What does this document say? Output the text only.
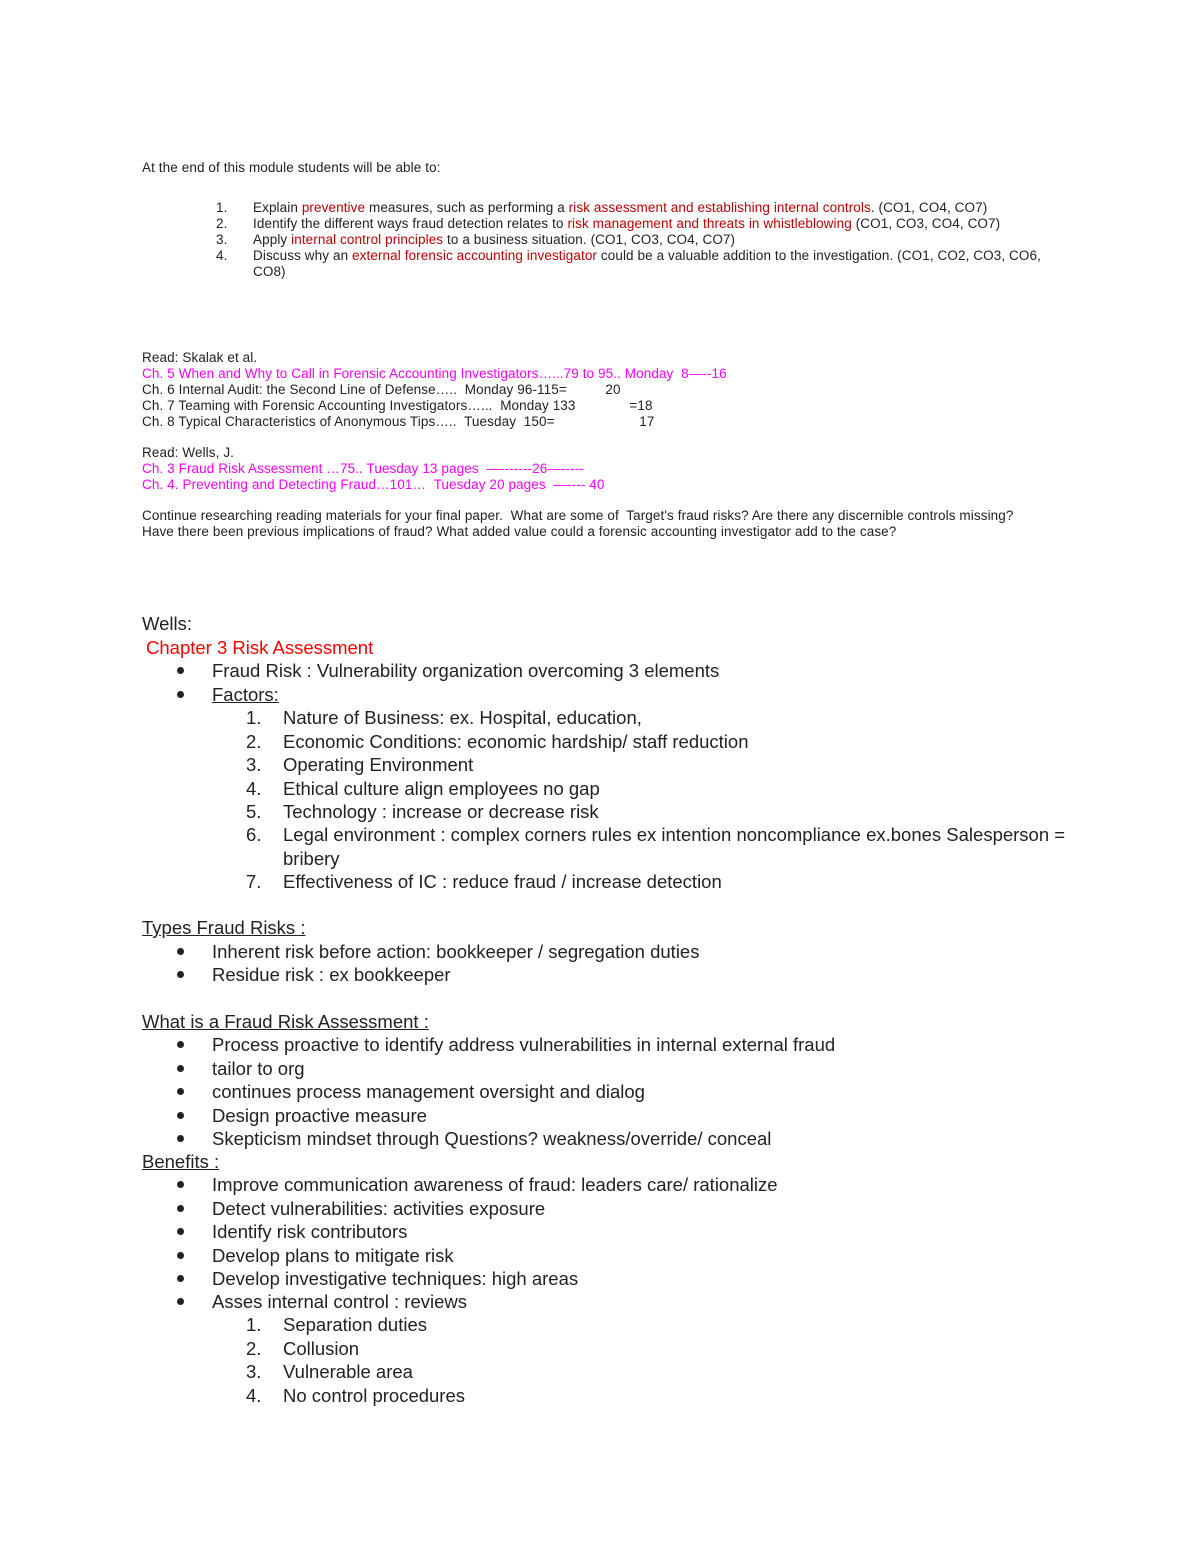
At the end of this module students will be able to:
1.	Explain preventive measures, such as performing a risk assessment and establishing internal controls. (CO1, CO4, CO7)
2.	Identify the different ways fraud detection relates to risk management and threats in whistleblowing (CO1, CO3, CO4, CO7)
3.	Apply internal control principles to a business situation. (CO1, CO3, CO4, CO7)
4.	Discuss why an external forensic accounting investigator could be a valuable addition to the investigation. (CO1, CO2, CO3, CO6,
CO8)
Read: Skalak et al.
Ch. 5 When and Why to Call in Forensic Accounting Investigators…...79 to 95.. Monday  8—--16
Ch. 6 Internal Audit: the Second Line of Defense…..  Monday 96-115=          20
Ch. 7 Teaming with Forensic Accounting Investigators…...  Monday 133              =18
Ch. 8 Typical Characteristics of Anonymous Tips…..  Tuesday  150=                      17
Read: Wells, J.
Ch. 3 Fraud Risk Assessment …75.. Tuesday 13 pages  —-------26—-----
Ch. 4. Preventing and Detecting Fraud…101…  Tuesday 20 pages  —---- 40
Continue researching reading materials for your final paper.  What are some of  Target's fraud risks? Are there any discernible controls missing?
Have there been previous implications of fraud? What added value could a forensic accounting investigator add to the case?
Wells:
Chapter 3 Risk Assessment
Fraud Risk : Vulnerability organization overcoming 3 elements
Factors:
1.	Nature of Business: ex. Hospital, education,
2.	Economic Conditions: economic hardship/ staff reduction
3.	Operating Environment
4.	Ethical culture align employees no gap
5.	Technology : increase or decrease risk
6.	Legal environment : complex corners rules ex intention noncompliance ex.bones Salesperson =
bribery
7.	Effectiveness of IC : reduce fraud / increase detection
Types Fraud Risks :
Inherent risk before action: bookkeeper / segregation duties
Residue risk : ex bookkeeper
What is a Fraud Risk Assessment :
Process proactive to identify address vulnerabilities in internal external fraud
tailor to org
continues process management oversight and dialog
Design proactive measure
Skepticism mindset through Questions? weakness/override/ conceal
Benefits :
Improve communication awareness of fraud: leaders care/ rationalize
Detect vulnerabilities: activities exposure
Identify risk contributors
Develop plans to mitigate risk
Develop investigative techniques: high areas
Asses internal control : reviews
1.	Separation duties
2.	Collusion
3.	Vulnerable area
4.	No control procedures
